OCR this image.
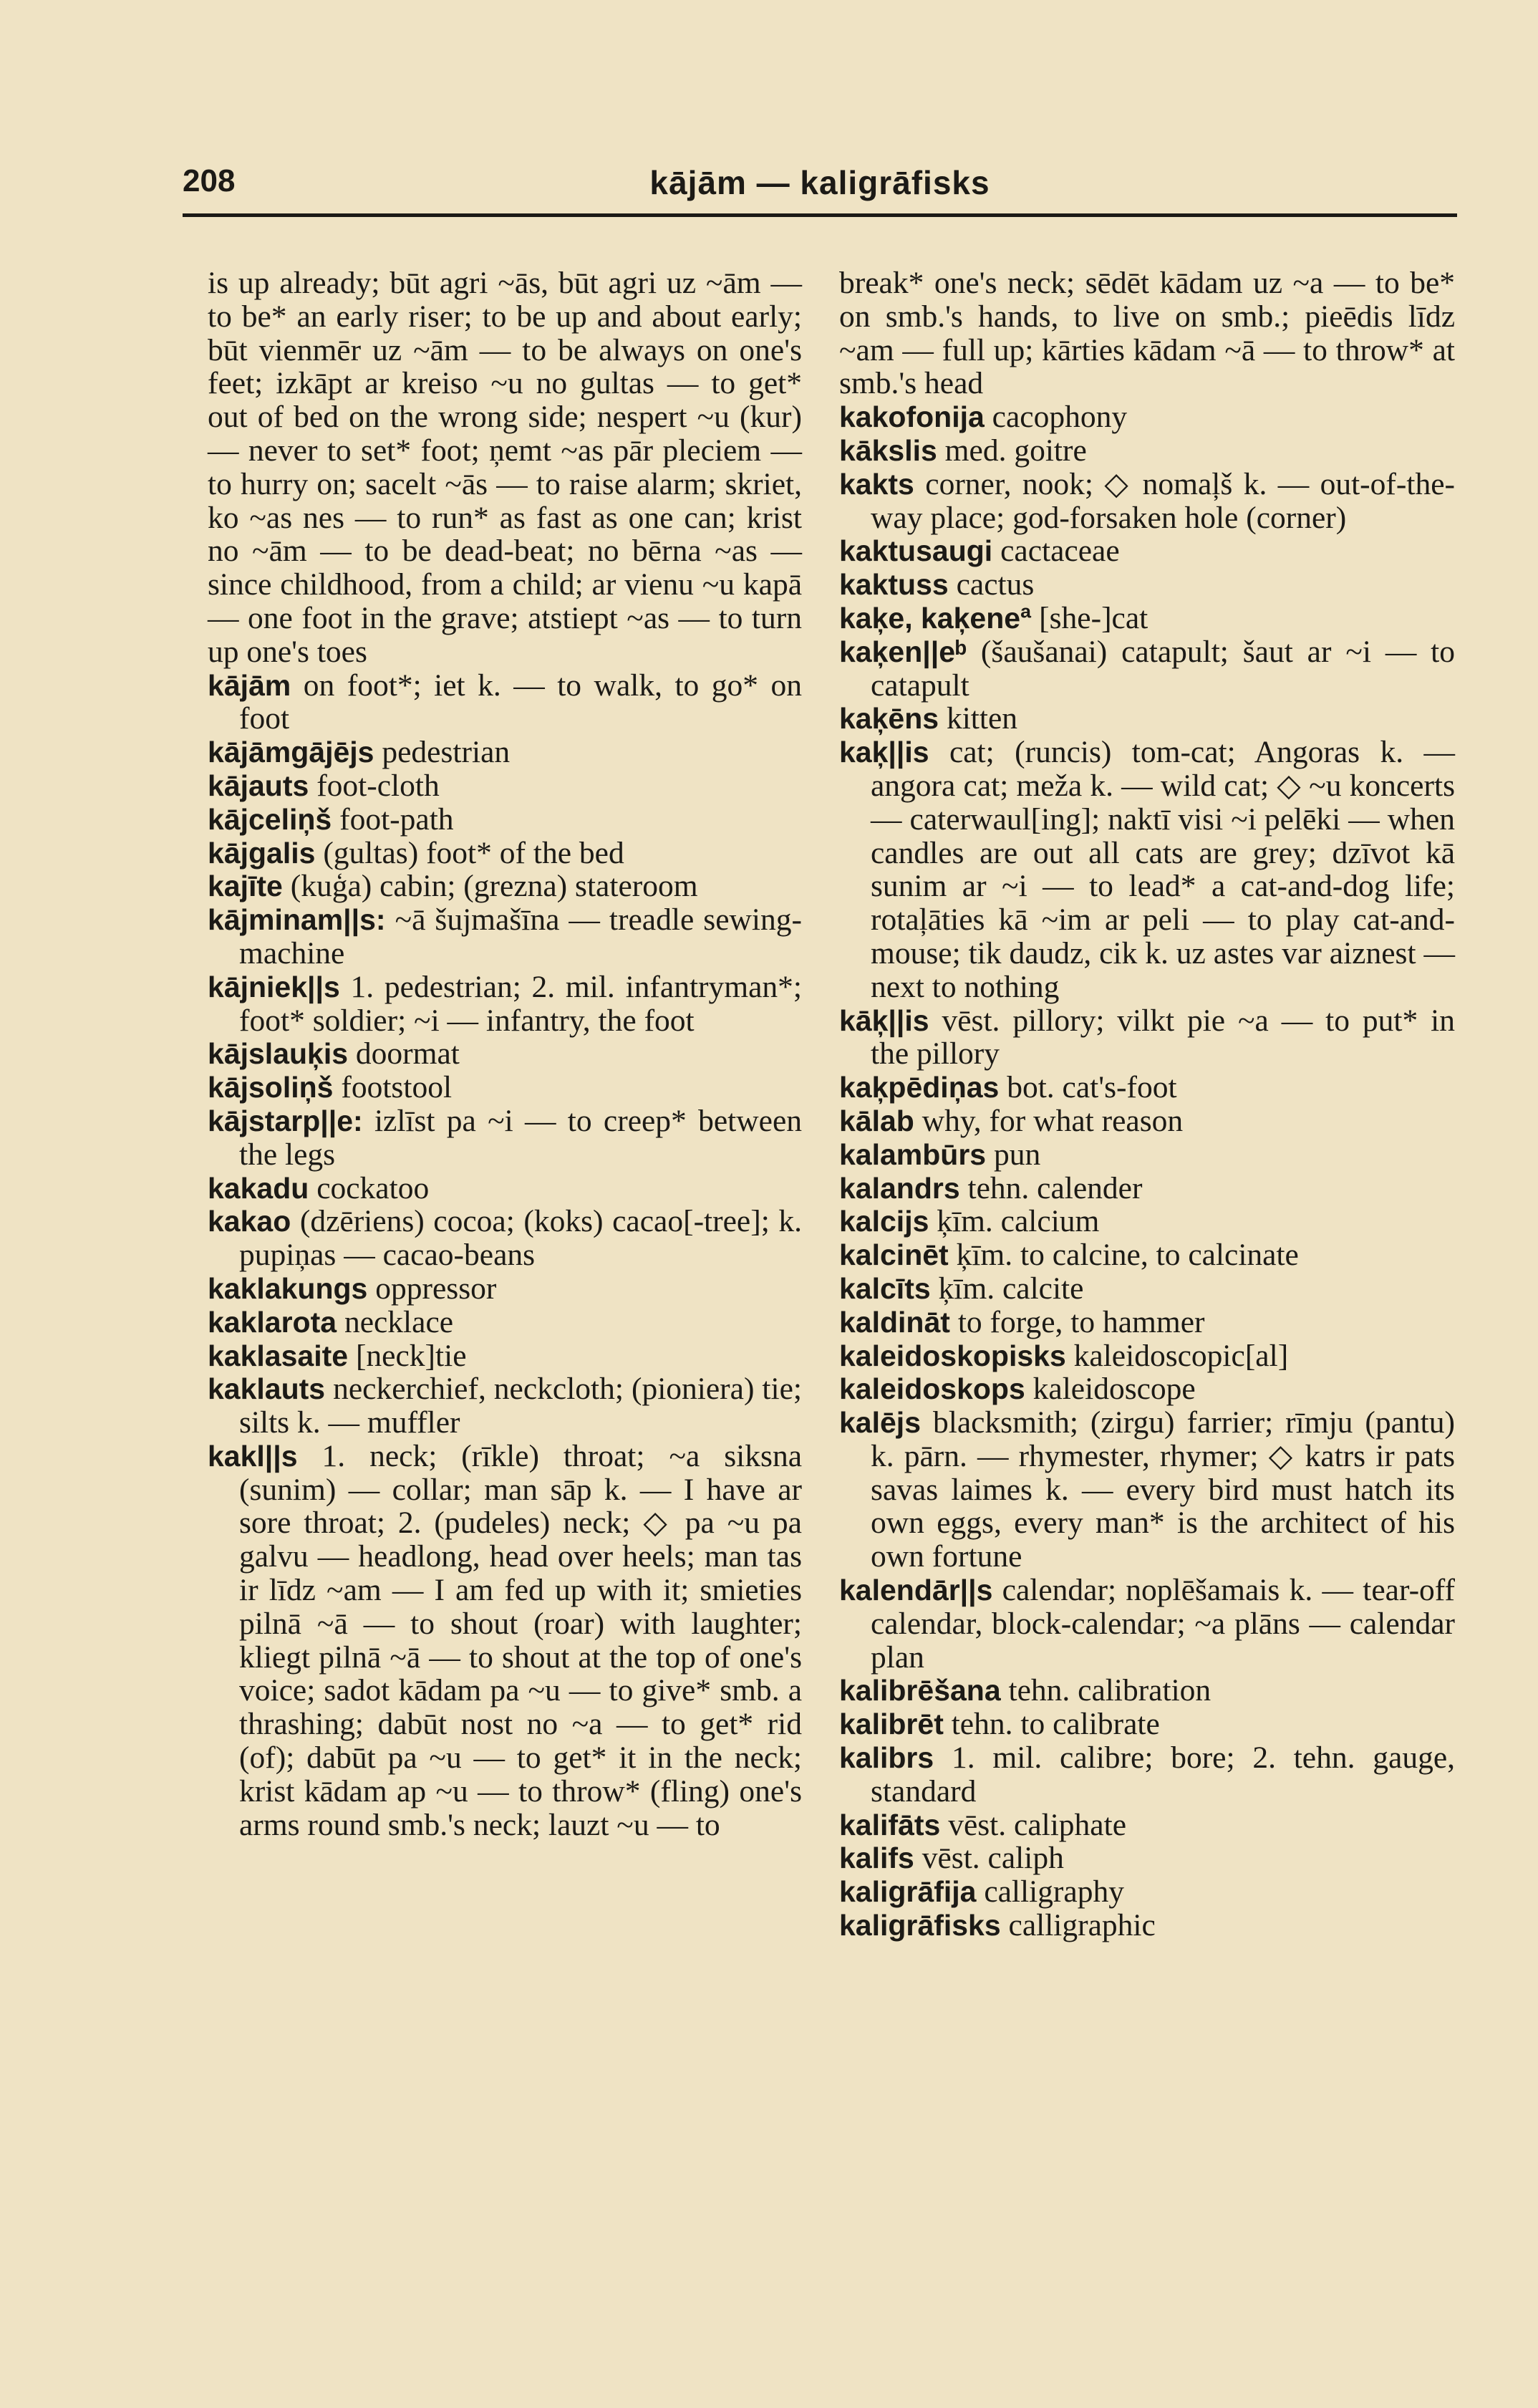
208	kājām — kaligrāfisks

is up already; būt agri ~ās, būt agri uz ~ām — to be* an early riser; to be up and about early; būt vienmēr uz ~ām — to be always on one's feet; izkāpt ar kreiso ~u no gultas — to get* out of bed on the wrong side; nespert ~u (kur) — never to set* foot; ņemt ~as pār pleciem — to hurry on; sacelt ~ās — to raise alarm; skriet, ko ~as nes — to run* as fast as one can; krist no ~ām — to be dead-beat; no bērna ~as — since childhood, from a child; ar vienu ~u kapā — one foot in the grave; atstiept ~as — to turn up one's toes

kājām on foot*; iet k. — to walk, to go* on foot

kājāmgājējs pedestrian

kājauts foot-cloth

kājceliņš foot-path

kājgalis (gultas) foot* of the bed

kajīte (kuģa) cabin; (grezna) stateroom

kājminam||s: ~ā šujmašīna — treadle sewing-machine

kājniek||s 1. pedestrian; 2. mil. infantryman*; foot* soldier; ~i — infantry, the foot

kājslauķis doormat

kājsoliņš footstool

kājstarp||e: izlīst pa ~i — to creep* between the legs

kakadu cockatoo

kakao (dzēriens) cocoa; (koks) cacao[-tree]; k. pupiņas — cacao-beans

kaklakungs oppressor

kaklarota necklace

kaklasaite [neck]tie

kaklauts neckerchief, neckcloth; (pioniera) tie; silts k. — muffler

kakl||s 1. neck; (rīkle) throat; ~a siksna (sunim) — collar; man sāp k. — I have ar sore throat; 2. (pudeles) neck; ◇ pa ~u pa galvu — headlong, head over heels; man tas ir līdz ~am — I am fed up with it; smieties pilnā ~ā — to shout (roar) with laughter; kliegt pilnā ~ā — to shout at the top of one's voice; sadot kādam pa ~u — to give* smb. a thrashing; dabūt nost no ~a — to get* rid (of); dabūt pa ~u — to get* it in the neck; krist kādam ap ~u — to throw* (fling) one's arms round smb.'s neck; lauzt ~u — to

break* one's neck; sēdēt kādam uz ~a — to be* on smb.'s hands, to live on smb.; pieēdis līdz ~am — full up; kārties kādam ~ā — to throw* at smb.'s head

kakofonija cacophony

kākslis med. goitre

kakts corner, nook; ◇ nomaļš k. — out-of-the-way place; god-forsaken hole (corner)

kaktusaugi cactaceae

kaktuss cactus

kaķe, kaķeneª [she-]cat

kaķen||eᵇ (šaušanai) catapult; šaut ar ~i — to catapult

kaķēns kitten

kaķ||is cat; (runcis) tom-cat; Angoras k. — angora cat; meža k. — wild cat; ◇ ~u koncerts — caterwaul[ing]; naktī visi ~i pelēki — when candles are out all cats are grey; dzīvot kā sunim ar ~i — to lead* a cat-and-dog life; rotaļāties kā ~im ar peli — to play cat-and-mouse; tik daudz, cik k. uz astes var aiznest — next to nothing

kāķ||is vēst. pillory; vilkt pie ~a — to put* in the pillory

kaķpēdiņas bot. cat's-foot

kālab why, for what reason

kalambūrs pun

kalandrs tehn. calender

kalcijs ķīm. calcium

kalcinēt ķīm. to calcine, to calcinate

kalcīts ķīm. calcite

kaldināt to forge, to hammer

kaleidoskopisks kaleidoscopic[al]

kaleidoskops kaleidoscope

kalējs blacksmith; (zirgu) farrier; rīmju (pantu) k. pārn. — rhymester, rhymer; ◇ katrs ir pats savas laimes k. — every bird must hatch its own eggs, every man* is the architect of his own fortune

kalendār||s calendar; noplēšamais k. — tear-off calendar, block-calendar; ~a plāns — calendar plan

kalibrēšana tehn. calibration

kalibrēt tehn. to calibrate

kalibrs 1. mil. calibre; bore; 2. tehn. gauge, standard

kalifāts vēst. caliphate

kalifs vēst. caliph

kaligrāfija calligraphy

kaligrāfisks calligraphic
